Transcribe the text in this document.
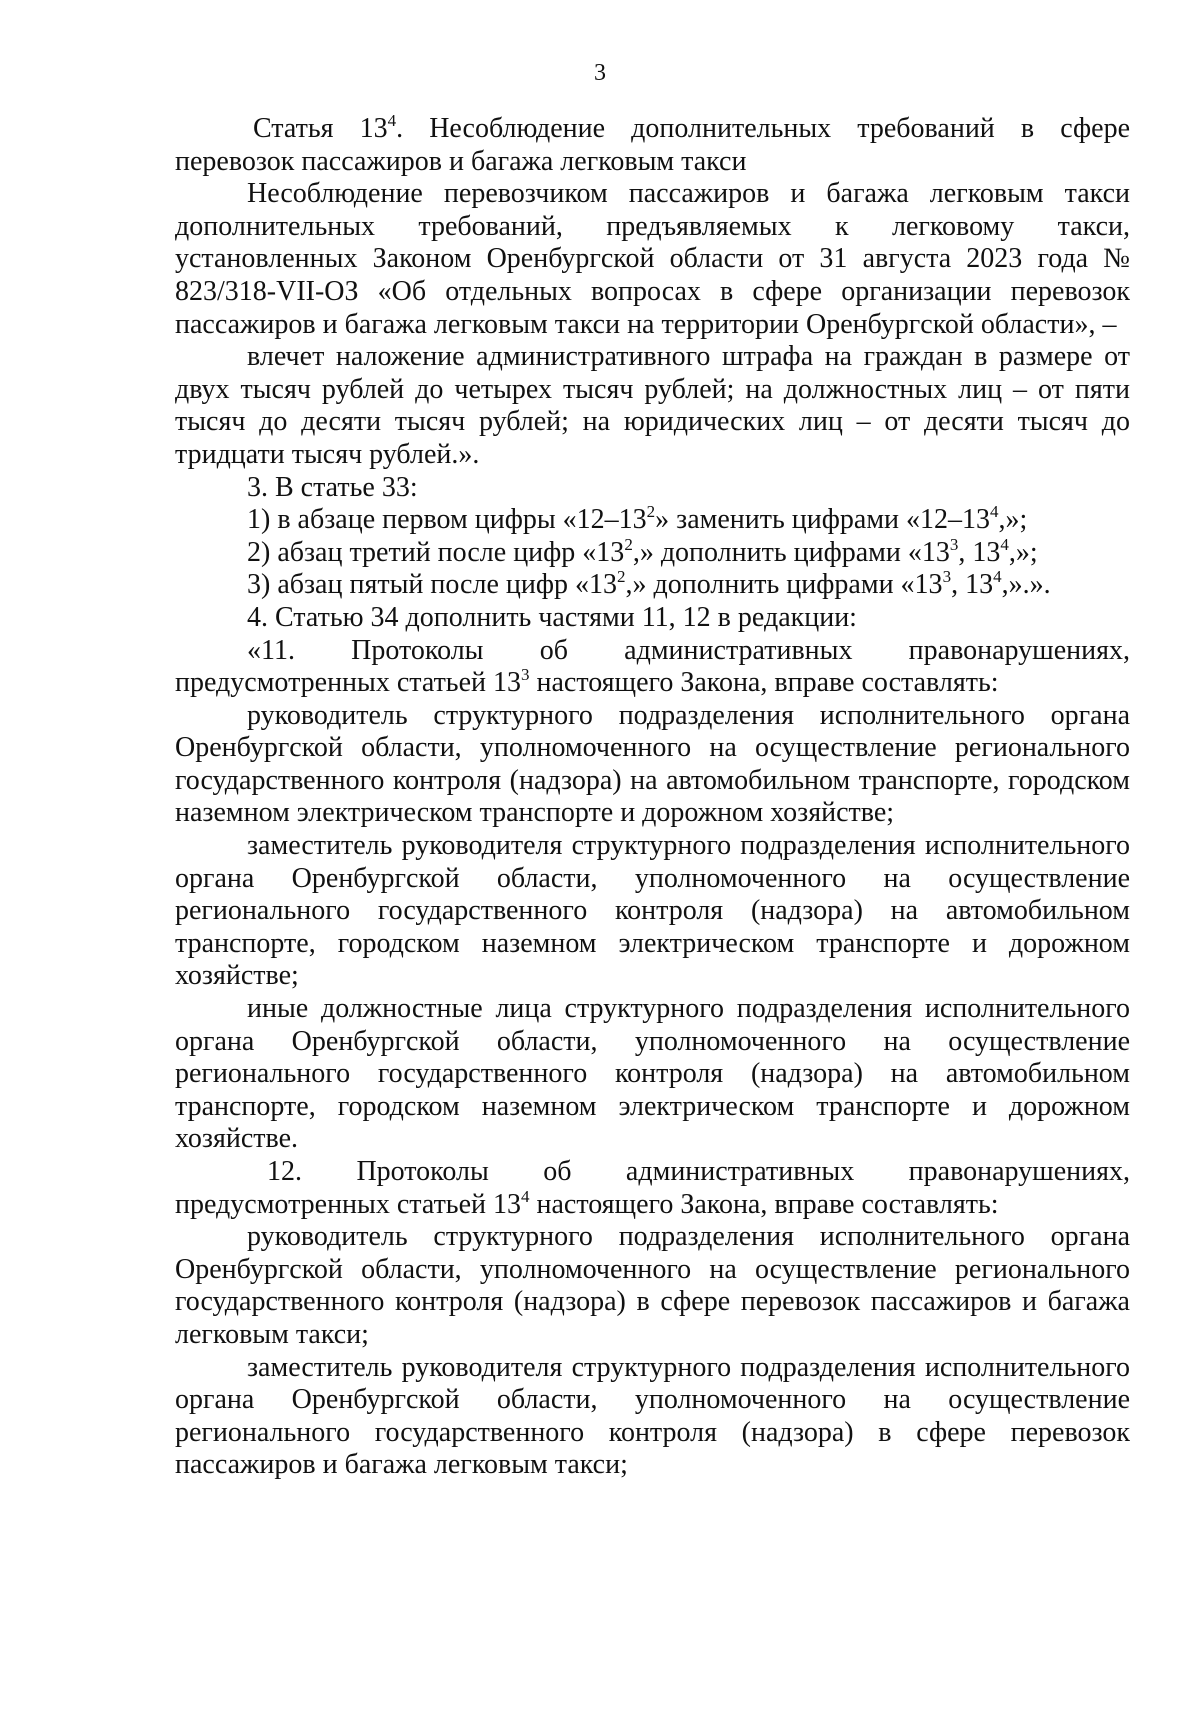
3

Статья $13^4$. Несоблюдение дополнительных требований в сфере перевозок пассажиров и багажа легковым такси

Несоблюдение перевозчиком пассажиров и багажа легковым такси дополнительных требований, предъявляемых к легковому такси, установленных Законом Оренбургской области от 31 августа 2023 года № 823/318-VII-ОЗ «Об отдельных вопросах в сфере организации перевозок пассажиров и багажа легковым такси на территории Оренбургской области», –

влечет наложение административного штрафа на граждан в размере от двух тысяч рублей до четырех тысяч рублей; на должностных лиц – от пяти тысяч до десяти тысяч рублей; на юридических лиц – от десяти тысяч до тридцати тысяч рублей.».

3. В статье 33:

1) в абзаце первом цифры «$12-13^2$» заменить цифрами «$12-13^4$,»;

2) абзац третий после цифр «$13^2$,» дополнить цифрами «$13^3$, $13^4$,»;

3) абзац пятый после цифр «$13^2$,» дополнить цифрами «$13^3$, $13^4$,».».

4. Статью 34 дополнить частями 11, 12 в редакции:

«11. Протоколы об административных правонарушениях, предусмотренных статьей $13^3$ настоящего Закона, вправе составлять:

руководитель структурного подразделения исполнительного органа Оренбургской области, уполномоченного на осуществление регионального государственного контроля (надзора) на автомобильном транспорте, городском наземном электрическом транспорте и дорожном хозяйстве;

заместитель руководителя структурного подразделения исполнительного органа Оренбургской области, уполномоченного на осуществление регионального государственного контроля (надзора) на автомобильном транспорте, городском наземном электрическом транспорте и дорожном хозяйстве;

иные должностные лица структурного подразделения исполнительного органа Оренбургской области, уполномоченного на осуществление регионального государственного контроля (надзора) на автомобильном транспорте, городском наземном электрическом транспорте и дорожном хозяйстве.

12. Протоколы об административных правонарушениях, предусмотренных статьей $13^4$ настоящего Закона, вправе составлять:

руководитель структурного подразделения исполнительного органа Оренбургской области, уполномоченного на осуществление регионального государственного контроля (надзора) в сфере перевозок пассажиров и багажа легковым такси;

заместитель руководителя структурного подразделения исполнительного органа Оренбургской области, уполномоченного на осуществление регионального государственного контроля (надзора) в сфере перевозок пассажиров и багажа легковым такси;
